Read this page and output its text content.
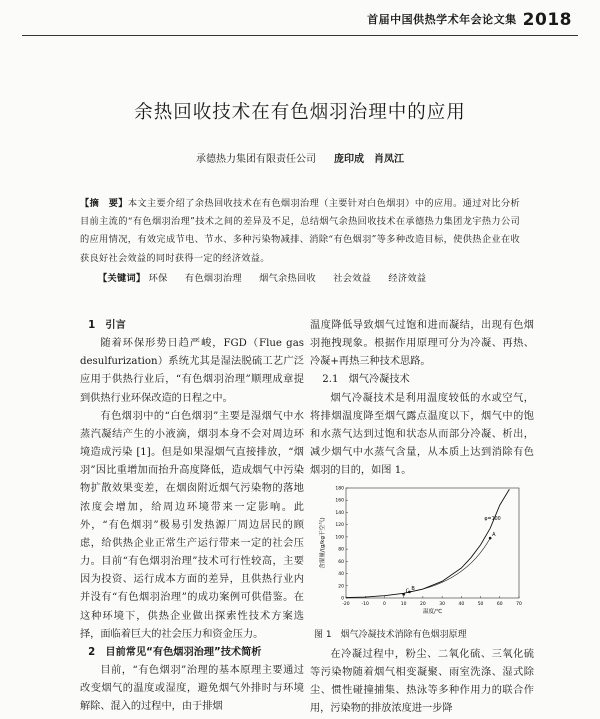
首届中国供热学术年会论文集 2018
余热回收技术在有色烟羽治理中的应用
承德热力集团有限责任公司 庞印成　肖凤江
【摘　要】本文主要介绍了余热回收技术在有色烟羽治理（主要针对白色烟羽）中的应用。通过对比分析目前主流的“有色烟羽治理”技术之间的差异及不足，总结烟气余热回收技术在承德热力集团龙宇热力公司的应用情况，有效完成节电、节水、多种污染物减排、消除“有色烟羽”等多种改造目标，使供热企业在收获良好社会效益的同时获得一定的经济效益。
【关键词】 环保 有色烟羽治理 烟气余热回收 社会效益 经济效益

1　引言

随着环保形势日趋严峻，FGD（Flue gas desulfurization）系统尤其是湿法脱硫工艺广泛应用于供热行业后，“有色烟羽治理”顺理成章提到供热行业环保改造的日程之中。

有色烟羽中的“白色烟羽”主要是湿烟气中水蒸汽凝结产生的小液滴，烟羽本身不会对周边环境造成污染 [1]。但是如果湿烟气直接排放，“烟羽”因比重增加而抬升高度降低，造成烟气中污染物扩散效果变差，在烟囱附近烟气污染物的落地浓度会增加，给周边环境带来一定影响。此外，“有色烟羽”极易引发热源厂周边居民的顾虑，给供热企业正常生产运行带来一定的社会压力。目前“有色烟羽治理”技术可行性较高，主要因为投资、运行成本方面的差异，且供热行业内并没有“有色烟羽治理”的成功案例可供借鉴。在这种环境下，供热企业做出探索性技术方案选择，面临着巨大的社会压力和资金压力。

2　目前常见“有色烟羽治理”技术简析

目前，“有色烟羽”治理的基本原理主要通过改变烟气的温度或湿度，避免烟气外排时与环境解除、混入的过程中，由于排烟

温度降低导致烟气过饱和进而凝结，出现有色烟羽拖拽现象。根据作用原理可分为冷凝、再热、冷凝+再热三种技术思路。

2.1　烟气冷凝技术

烟气冷凝技术是利用温度较低的水或空气，将排烟温度降至烟气露点温度以下，烟气中的饱和水蒸气达到过饱和状态从而部分冷凝、析出，减少烟气中水蒸气含量，从本质上达到消除有色烟羽的目的，如图 1。

-20	-10	0	10	20	30	40	50	60	70
0
20
40
60
80
100
120
140
160
180
φ=100
A
B
C
温度/℃
含湿量/(g/kg干空气)
图 1　烟气冷凝技术消除有色烟羽原理

在冷凝过程中，粉尘、二氧化硫、三氧化硫等污染物随着烟气相变凝聚、雨室洗涤、湿式除尘、惯性碰撞捕集、热泳等多种作用力的联合作用，污染物的排放浓度进一步降
